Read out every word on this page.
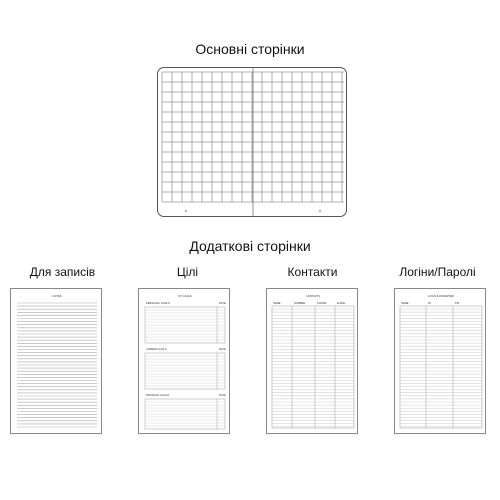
Основні сторінки
Додаткові сторінки
Для записів
NOTES
Цілі
MY GOALS
PERSONAL GOALS	DATE
CAREER GOALS	DATE
FINANCIAL GOALS	DATE
Контакти
CONTACTS
NAME	NUMBER	PHONE	E-MAIL
Логіни/Паролі
LOGIN & PASSWORD
NAME	ID	PW
